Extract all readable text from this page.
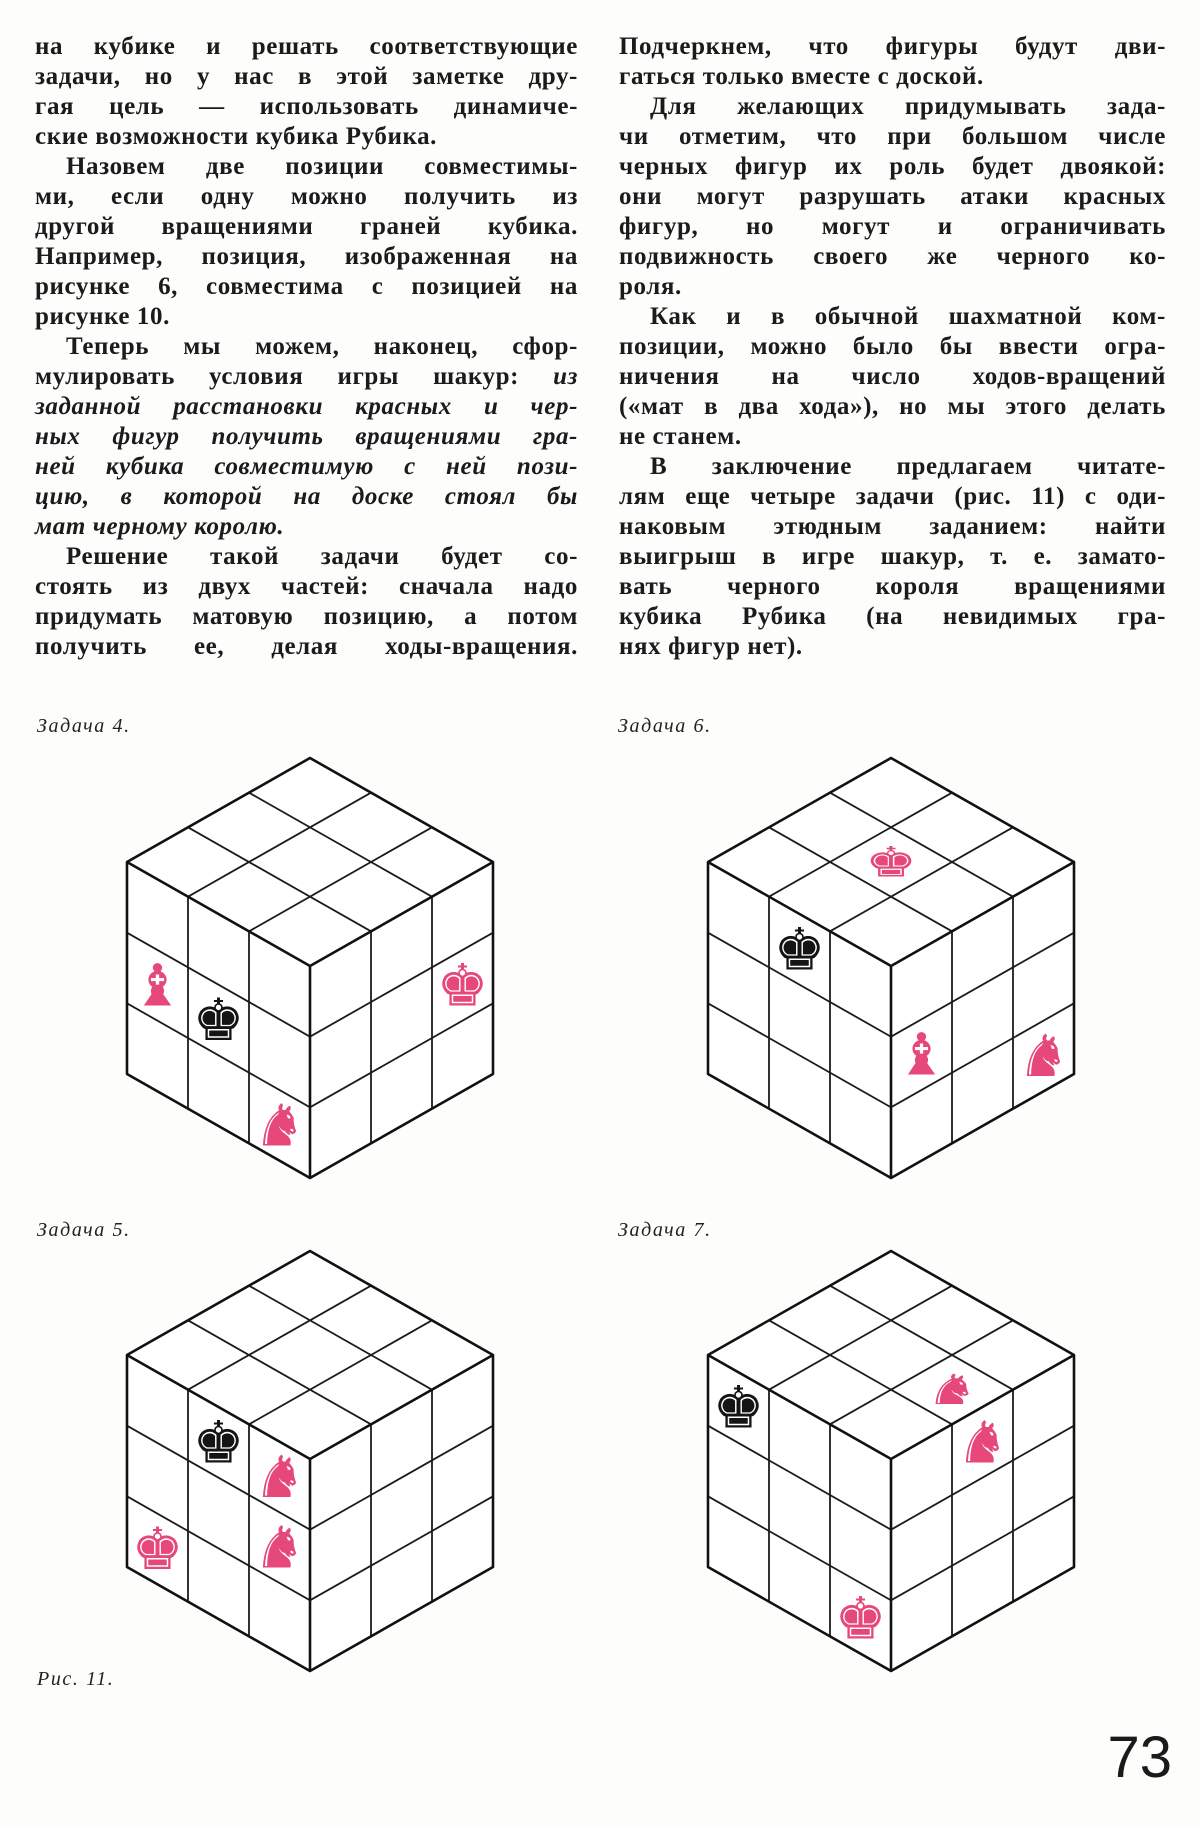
на кубике и решать соответствующие
задачи, но у нас в этой заметке дру-
гая цель — использовать динамиче-
ские возможности кубика Рубика.
Назовем две позиции совместимы-
ми, если одну можно получить из
другой вращениями граней кубика.
Например, позиция, изображенная на
рисунке 6, совместима с позицией на
рисунке 10.
Теперь мы можем, наконец, сфор-
мулировать условия игры шакур: из
заданной расстановки красных и чер-
ных фигур получить вращениями гра-
ней кубика совместимую с ней пози-
цию, в которой на доске стоял бы
мат черному королю.
Решение такой задачи будет со-
стоять из двух частей: сначала надо
придумать матовую позицию, а потом
получить ее, делая ходы-вращения.
Подчеркнем, что фигуры будут дви-
гаться только вместе с доской.
Для желающих придумывать зада-
чи отметим, что при большом числе
черных фигур их роль будет двоякой:
они могут разрушать атаки красных
фигур, но могут и ограничивать
подвижность своего же черного ко-
роля.
Как и в обычной шахматной ком-
позиции, можно было бы ввести огра-
ничения на число ходов-вращений
(«мат в два хода»), но мы этого делать
не станем.
В заключение предлагаем читате-
лям еще четыре задачи (рис. 11) с оди-
наковым этюдным заданием: найти
выигрыш в игре шакур, т. е. замато-
вать черного короля вращениями
кубика Рубика (на невидимых гра-
нях фигур нет).
Задача 4.	Задача 6.
Задача 5.	Задача 7.
♝
♚
♞
♚
♚
♚
♝ ♞
♚
♞
♞
♚
♚	♞
♞
♚
Рис. 11.
73
